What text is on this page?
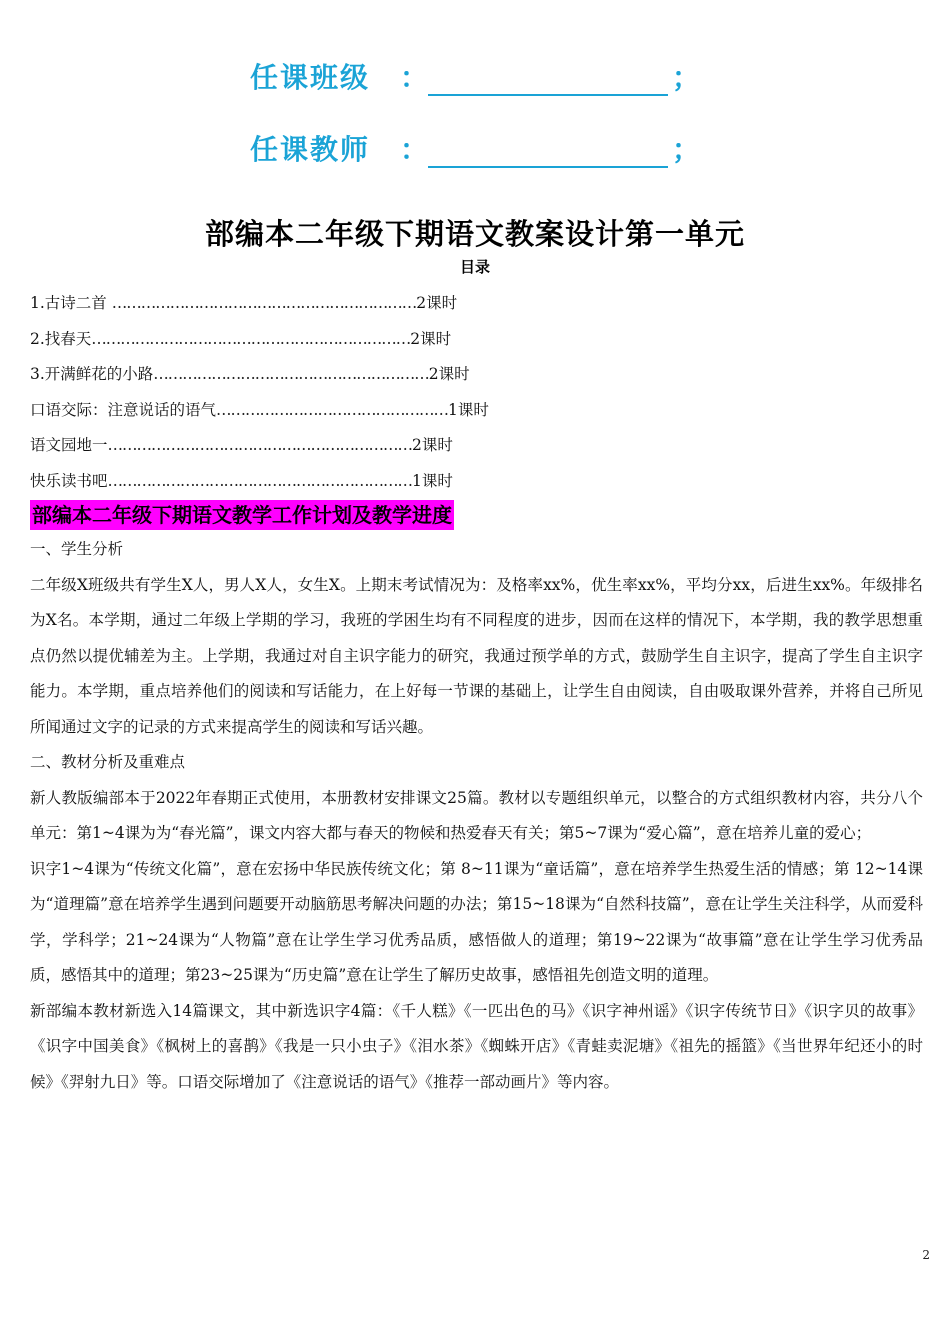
任课班级	：	；
任课教师	：	；
部编本二年级下期语文教案设计第一单元
目录
1.古诗二首 ………………………………………………………2课时
2.找春天…………………………………………………………2课时
3.开满鲜花的小路…………………………………………………2课时
口语交际：注意说话的语气…………………………………………1课时
语文园地一………………………………………………………2课时
快乐读书吧………………………………………………………1课时
部编本二年级下期语文教学工作计划及教学进度
一、学生分析

二年级X班级共有学生X人，男人X人，女生X。上期末考试情况为：及格率xx%，优生率xx%，平均分xx，后进生xx%。年级排名为X名。本学期，通过二年级上学期的学习，我班的学困生均有不同程度的进步，因而在这样的情况下，本学期，我的教学思想重点仍然以提优辅差为主。上学期，我通过对自主识字能力的研究，我通过预学单的方式，鼓励学生自主识字，提高了学生自主识字能力。本学期，重点培养他们的阅读和写话能力，在上好每一节课的基础上，让学生自由阅读，自由吸取课外营养，并将自己所见所闻通过文字的记录的方式来提高学生的阅读和写话兴趣。

二、教材分析及重难点

新人教版编部本于2022年春期正式使用，本册教材安排课文25篇。教材以专题组织单元，以整合的方式组织教材内容，共分八个单元：第1~4课为为“春光篇”，课文内容大都与春天的物候和热爱春天有关；第5~7课为“爱心篇”，意在培养儿童的爱心；

识字1~4课为“传统文化篇”，意在宏扬中华民族传统文化；第 8~11课为“童话篇”，意在培养学生热爱生活的情感；第 12~14课为“道理篇”意在培养学生遇到问题要开动脑筋思考解决问题的办法；第15~18课为“自然科技篇”，意在让学生关注科学，从而爱科学，学科学；21~24课为“人物篇”意在让学生学习优秀品质，感悟做人的道理；第19~22课为“故事篇”意在让学生学习优秀品质，感悟其中的道理；第23~25课为“历史篇”意在让学生了解历史故事，感悟祖先创造文明的道理。

新部编本教材新选入14篇课文，其中新选识字4篇：《千人糕》《一匹出色的马》《识字神州谣》《识字传统节日》《识字贝的故事》《识字中国美食》《枫树上的喜鹊》《我是一只小虫子》《泪水茶》《蜘蛛开店》《青蛙卖泥塘》《祖先的摇篮》《当世界年纪还小的时候》《羿射九日》等。口语交际增加了《注意说话的语气》《推荐一部动画片》等内容。

2
